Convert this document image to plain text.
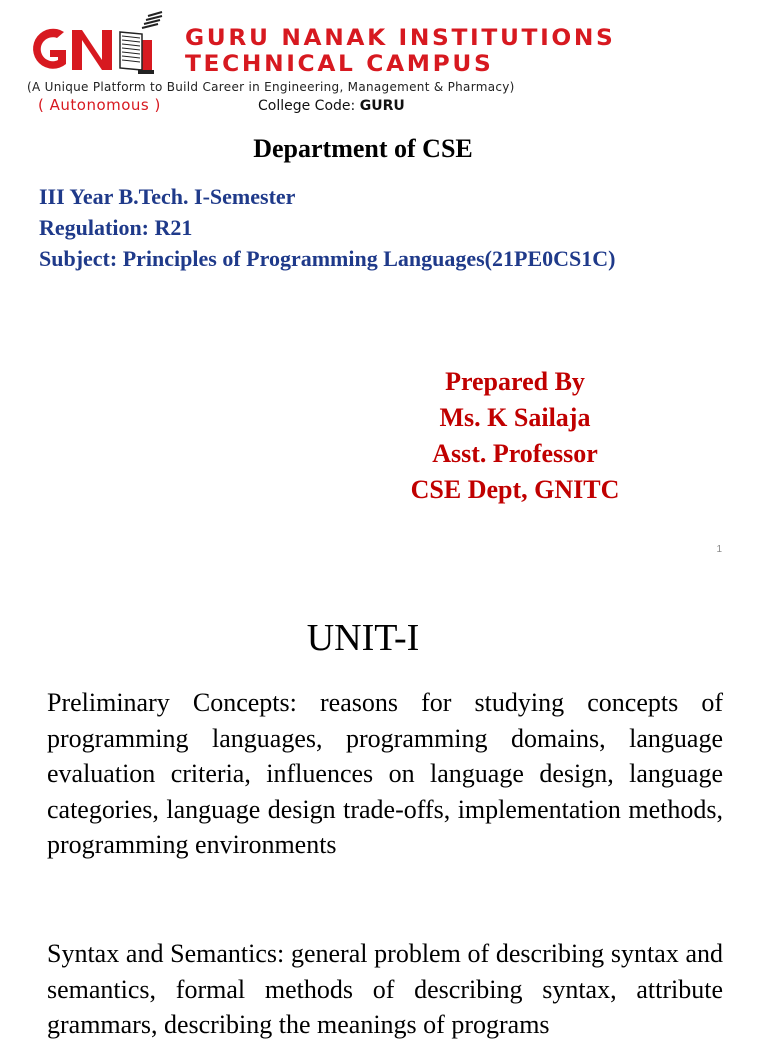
GURU NANAK INSTITUTIONS
TECHNICAL CAMPUS
(A Unique Platform to Build Career in Engineering, Management & Pharmacy)
( Autonomous )	College Code: GURU
Department of CSE
III Year B.Tech. I-Semester
Regulation: R21
Subject: Principles of Programming Languages(21PE0CS1C)
Prepared By
Ms. K Sailaja
Asst. Professor
CSE Dept, GNITC
1
UNIT-I
Preliminary Concepts: reasons for studying concepts of programming languages, programming domains, language evaluation criteria, influences on language design, language categories, language design trade-offs, implementation methods, programming environments
Syntax and Semantics: general problem of describing syntax and semantics, formal methods of describing syntax, attribute grammars, describing the meanings of programs
